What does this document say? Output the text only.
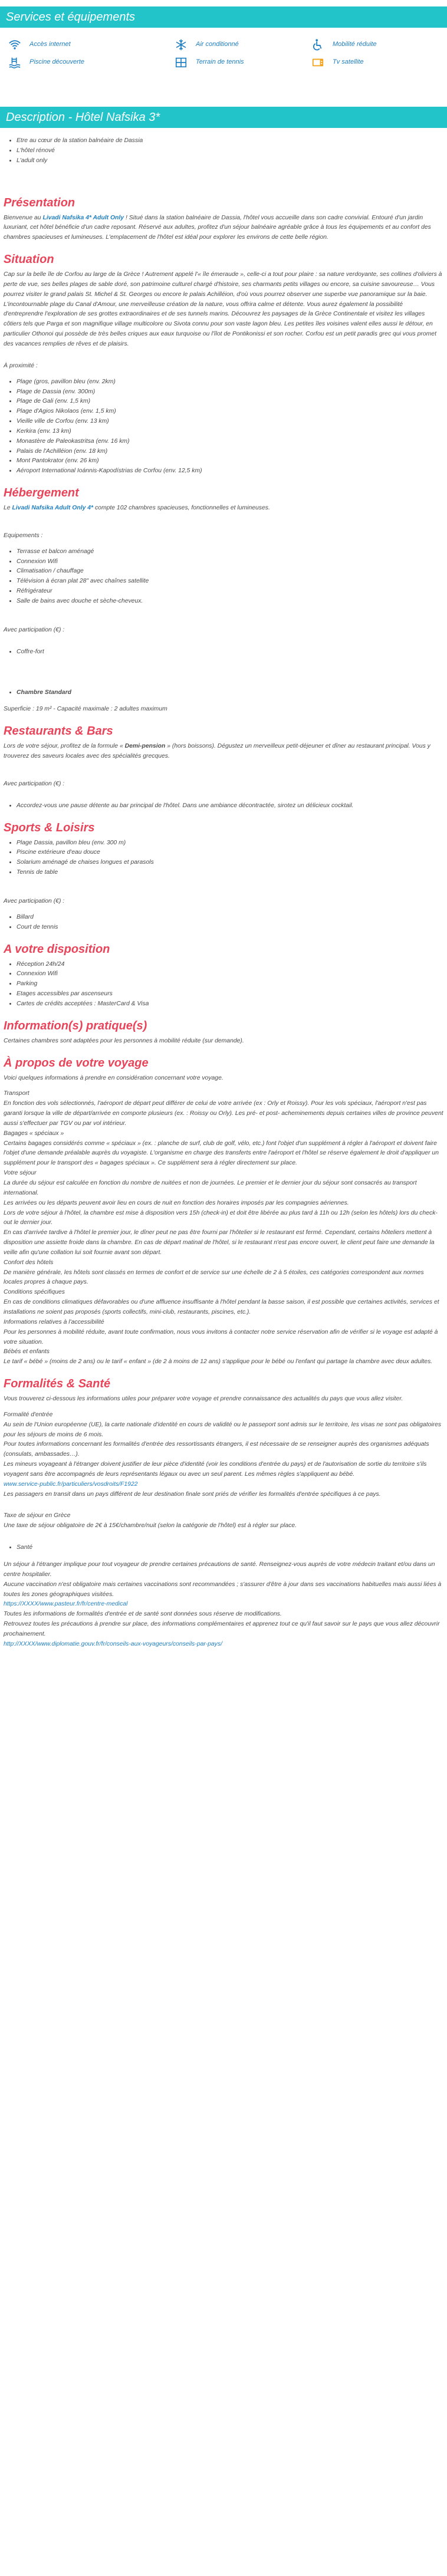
Services et équipements
Accès internet	Air conditionné	Mobilité réduite
Piscine découverte	Terrain de tennis	Tv satellite
Description - Hôtel Nafsika 3*
• Etre au cœur de la station balnéaire de Dassia
• L'hôtel rénové
• L'adult only
Présentation

Bienvenue au Livadi Nafsika 4* Adult Only ! Situé dans la station balnéaire de Dassia, l'hôtel vous accueille dans son cadre convivial. Entouré d'un jardin luxuriant, cet hôtel bénéficie d'un cadre reposant. Réservé aux adultes, profitez d'un séjour balnéaire agréable grâce à tous les équipements et au confort des chambres spacieuses et lumineuses. L'emplacement de l'hôtel est idéal pour explorer les environs de cette belle région.

Situation

Cap sur la belle île de Corfou au large de la Grèce ! Autrement appelé l'« île émeraude », celle-ci a tout pour plaire : sa nature verdoyante, ses collines d'oliviers à perte de vue, ses belles plages de sable doré, son patrimoine culturel chargé d'histoire, ses charmants petits villages ou encore, sa cuisine savoureuse… Vous pourrez visiter le grand palais St. Michel & St. Georges ou encore le palais Achilléion, d'où vous pourrez observer une superbe vue panoramique sur la baie. L'incontournable plage du Canal d'Amour, une merveilleuse création de la nature, vous offrira calme et détente. Vous aurez également la possibilité d'entreprendre l'exploration de ses grottes extraordinaires et de ses tunnels marins. Découvrez les paysages de la Grèce Continentale et visitez les villages côtiers tels que Parga et son magnifique village multicolore ou Sivota connu pour son vaste lagon bleu. Les petites îles voisines valent elles aussi le détour, en particulier Othonoi qui possède de très belles criques aux eaux turquoise ou l'îlot de Pontikonissi et son rocher. Corfou est un petit paradis grec qui vous promet des vacances remplies de rêves et de plaisirs.

À proximité :

• Plage (gros, pavillon bleu (env. 2km)
• Plage de Dassia (env. 300m)
• Plage de Gali (env. 1,5 km)
• Plage d'Agios Nikolaos (env. 1,5 km)
• Vieille ville de Corfou (env. 13 km)
• Kerkira (env. 13 km)
• Monastère de Paleokastritsa (env. 16 km)
• Palais de l'Achilléion (env. 18 km)
• Mont Pantokrator (env. 26 km)
• Aéroport International Ioánnis-Kapodístrias de Corfou (env. 12,5 km)
Hébergement

Le Livadi Nafsika Adult Only 4* compte 102 chambres spacieuses, fonctionnelles et lumineuses.

Equipements :

• Terrasse et balcon aménagé
• Connexion Wifi
• Climatisation / chauffage
• Télévision à écran plat 28" avec chaînes satellite
• Réfrigérateur
• Salle de bains avec douche et sèche-cheveux.

Avec participation (€) :

• Coffre-fort
• Chambre Standard

Superficie : 19 m² - Capacité maximale : 2 adultes maximum

Restaurants & Bars

Lors de votre séjour, profitez de la formule « Demi-pension » (hors boissons). Dégustez un merveilleux petit-déjeuner et dîner au restaurant principal. Vous y trouverez des saveurs locales avec des spécialités grecques.

Avec participation (€) :

• Accordez-vous une pause détente au bar principal de l'hôtel. Dans une ambiance décontractée, sirotez un délicieux cocktail.
Sports & Loisirs
• Plage Dassia, pavillon bleu (env. 300 m)
• Piscine extérieure d'eau douce
• Solarium aménagé de chaises longues et parasols
• Tennis de table

Avec participation (€) :

• Billard
• Court de tennis
A votre disposition
• Réception 24h/24
• Connexion Wifi
• Parking
• Etages accessibles par ascenseurs
• Cartes de crédits acceptées : MasterCard & Visa
Information(s) pratique(s)

Certaines chambres sont adaptées pour les personnes à mobilité réduite (sur demande).

À propos de votre voyage

Voici quelques informations à prendre en considération concernant votre voyage.

Transport
En fonction des vols sélectionnés, l'aéroport de départ peut différer de celui de votre arrivée (ex : Orly et Roissy). Pour les vols spéciaux, l'aéroport n'est pas garanti lorsque la ville de départ/arrivée en comporte plusieurs (ex. : Roissy ou Orly). Les pré- et post- acheminements depuis certaines villes de province peuvent aussi s'effectuer par TGV ou par vol intérieur.
Bagages « spéciaux »
Certains bagages considérés comme « spéciaux » (ex. : planche de surf, club de golf, vélo, etc.) font l'objet d'un supplément à régler à l'aéroport et doivent faire l'objet d'une demande préalable auprès du voyagiste. L'organisme en charge des transferts entre l'aéroport et l'hôtel se réserve également le droit d'appliquer un supplément pour le transport des « bagages spéciaux ». Ce supplément sera à régler directement sur place.
Votre séjour
La durée du séjour est calculée en fonction du nombre de nuitées et non de journées. Le premier et le dernier jour du séjour sont consacrés au transport international.
Les arrivées ou les départs peuvent avoir lieu en cours de nuit en fonction des horaires imposés par les compagnies aériennes.
Lors de votre séjour à l'hôtel, la chambre est mise à disposition vers 15h (check-in) et doit être libérée au plus tard à 11h ou 12h (selon les hôtels) lors du check-out le dernier jour.
En cas d'arrivée tardive à l'hôtel le premier jour, le dîner peut ne pas être fourni par l'hôtelier si le restaurant est fermé. Cependant, certains hôteliers mettent à disposition une assiette froide dans la chambre. En cas de départ matinal de l'hôtel, si le restaurant n'est pas encore ouvert, le client peut faire une demande la veille afin qu'une collation lui soit fournie avant son départ.
Confort des hôtels
De manière générale, les hôtels sont classés en termes de confort et de service sur une échelle de 2 à 5 étoiles, ces catégories correspondent aux normes locales propres à chaque pays.
Conditions spécifiques
En cas de conditions climatiques défavorables ou d'une affluence insuffisante à l'hôtel pendant la basse saison, il est possible que certaines activités, services et installations ne soient pas proposés (sports collectifs, mini-club, restaurants, piscines, etc.).
Informations relatives à l'accessibilité
Pour les personnes à mobilité réduite, avant toute confirmation, nous vous invitons à contacter notre service réservation afin de vérifier si le voyage est adapté à votre situation.
Bébés et enfants
Le tarif « bébé » (moins de 2 ans) ou le tarif « enfant » (de 2 à moins de 12 ans) s'applique pour le bébé ou l'enfant qui partage la chambre avec deux adultes.
Formalités & Santé

Vous trouverez ci-dessous les informations utiles pour préparer votre voyage et prendre connaissance des actualités du pays que vous allez visiter.

Formalité d'entrée

Au sein de l'Union européenne (UE), la carte nationale d'identité en cours de validité ou le passeport sont admis sur le territoire, les visas ne sont pas obligatoires pour les séjours de moins de 6 mois.
Pour toutes informations concernant les formalités d'entrée des ressortissants étrangers, il est nécessaire de se renseigner auprès des organismes adéquats (consulats, ambassades…).
Les mineurs voyageant à l'étranger doivent justifier de leur pièce d'identité (voir les conditions d'entrée du pays) et de l'autorisation de sortie du territoire s'ils voyagent sans être accompagnés de leurs représentants légaux ou avec un seul parent. Les mêmes règles s'appliquent au bébé.
www.service-public.fr/particuliers/vosdroits/F1922
Les passagers en transit dans un pays différent de leur destination finale sont priés de vérifier les formalités d'entrée spécifiques à ce pays.
Taxe de séjour en Grèce
Une taxe de séjour obligatoire de 2€ à 15€/chambre/nuit (selon la catégorie de l'hôtel) est à régler sur place.
• Santé
Un séjour à l'étranger implique pour tout voyageur de prendre certaines précautions de santé. Renseignez-vous auprès de votre médecin traitant et/ou dans un centre hospitalier.
Aucune vaccination n'est obligatoire mais certaines vaccinations sont recommandées ; s'assurer d'être à jour dans ses vaccinations habituelles mais aussi liées à toutes les zones géographiques visitées.
https://XXXX/www.pasteur.fr/fr/centre-medical
Toutes les informations de formalités d'entrée et de santé sont données sous réserve de modifications.
Retrouvez toutes les précautions à prendre sur place, des informations complémentaires et apprenez tout ce qu'il faut savoir sur le pays que vous allez découvrir prochainement.
http://XXXX/www.diplomatie.gouv.fr/fr/conseils-aux-voyageurs/conseils-par-pays/
